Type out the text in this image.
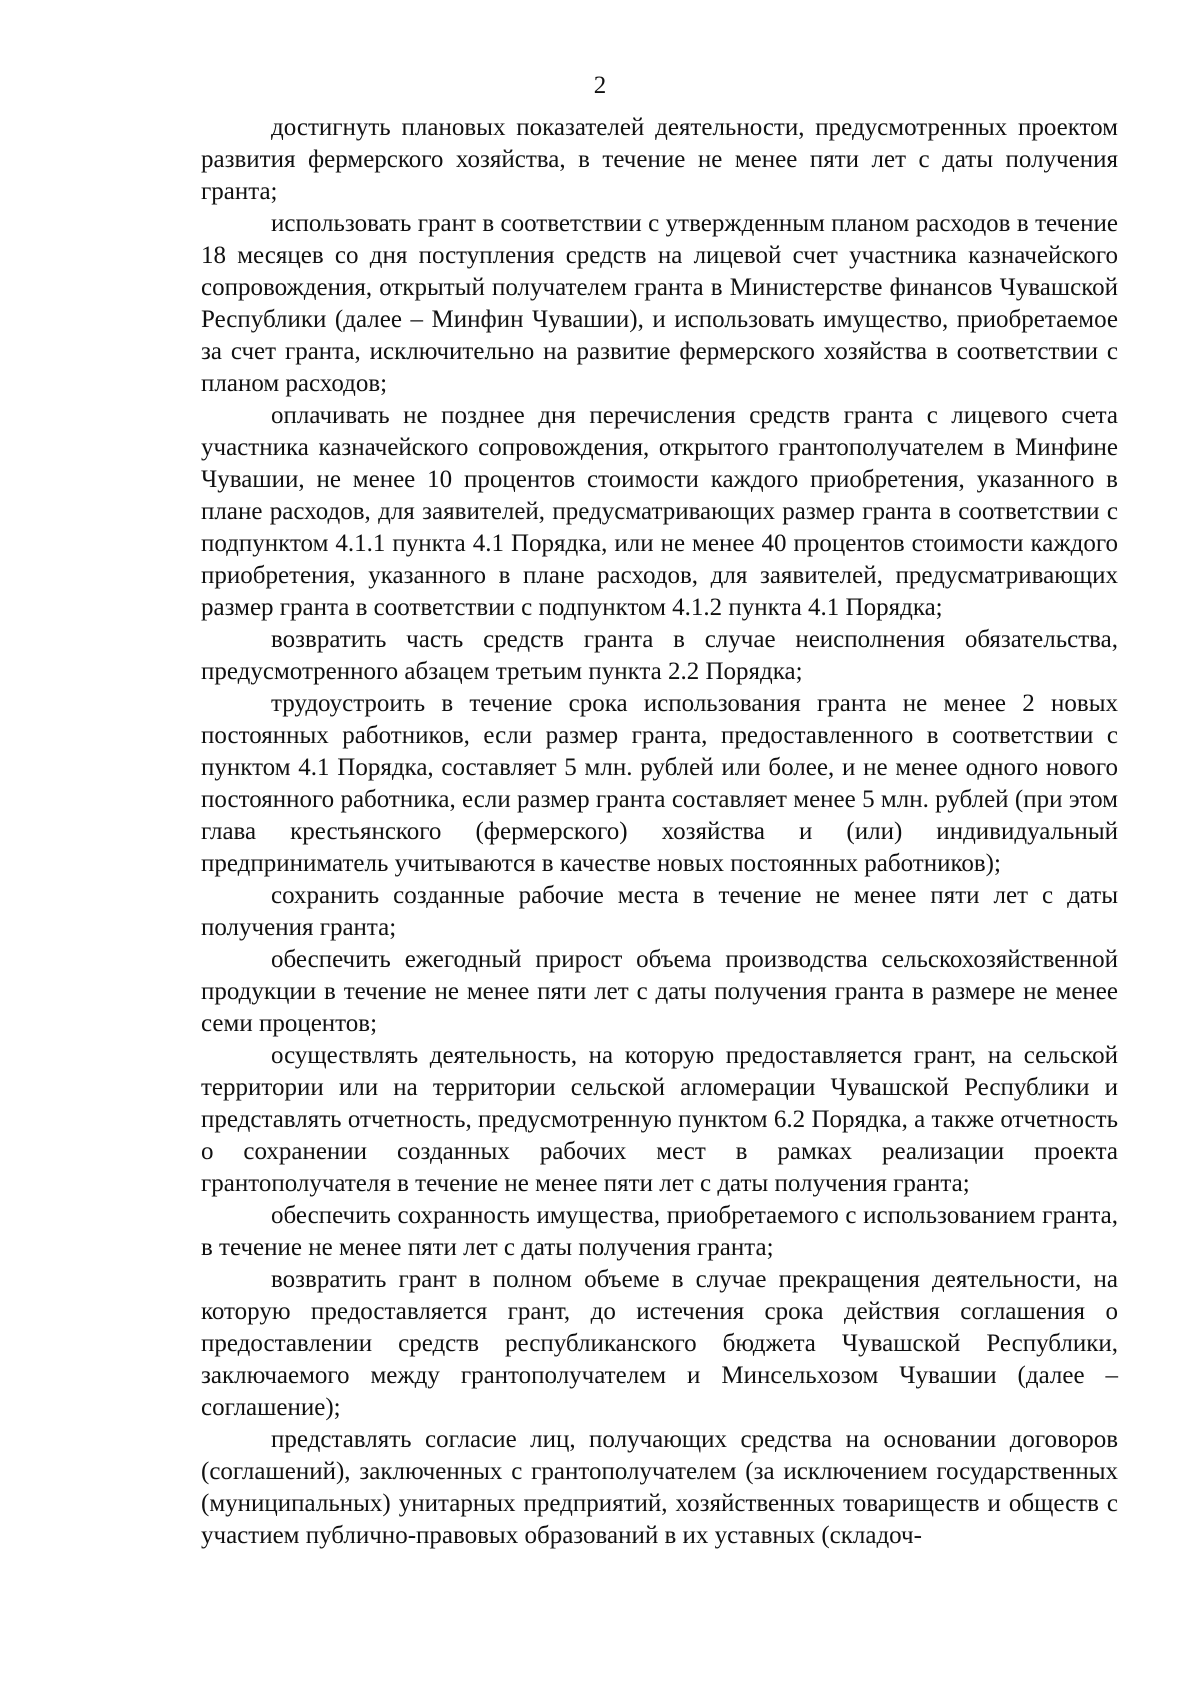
2

достигнуть плановых показателей деятельности, предусмотренных проектом развития фермерского хозяйства, в течение не менее пяти лет с даты получения гранта;

использовать грант в соответствии с утвержденным планом расходов в течение 18 месяцев со дня поступления средств на лицевой счет участника казначейского сопровождения, открытый получателем гранта в Министерстве финансов Чувашской Республики (далее – Минфин Чувашии), и использовать имущество, приобретаемое за счет гранта, исключительно на развитие фермерского хозяйства в соответствии с планом расходов;

оплачивать не позднее дня перечисления средств гранта с лицевого счета участника казначейского сопровождения, открытого грантополучателем в Минфине Чувашии, не менее 10 процентов стоимости каждого приобретения, указанного в плане расходов, для заявителей, предусматривающих размер гранта в соответствии с подпунктом 4.1.1 пункта 4.1 Порядка, или не менее 40 процентов стоимости каждого приобретения, указанного в плане расходов, для заявителей, предусматривающих размер гранта в соответствии с подпунктом 4.1.2 пункта 4.1 Порядка;

возвратить часть средств гранта в случае неисполнения обязательства, предусмотренного абзацем третьим пункта 2.2 Порядка;

трудоустроить в течение срока использования гранта не менее 2 новых постоянных работников, если размер гранта, предоставленного в соответствии с пунктом 4.1 Порядка, составляет 5 млн. рублей или более, и не менее одного нового постоянного работника, если размер гранта составляет менее 5 млн. рублей (при этом глава крестьянского (фермерского) хозяйства и (или) индивидуальный предприниматель учитываются в качестве новых постоянных работников);

сохранить созданные рабочие места в течение не менее пяти лет с даты получения гранта;

обеспечить ежегодный прирост объема производства сельскохозяйственной продукции в течение не менее пяти лет с даты получения гранта в размере не менее семи процентов;

осуществлять деятельность, на которую предоставляется грант, на сельской территории или на территории сельской агломерации Чувашской Республики и представлять отчетность, предусмотренную пунктом 6.2 Порядка, а также отчетность о сохранении созданных рабочих мест в рамках реализации проекта грантополучателя в течение не менее пяти лет с даты получения гранта;

обеспечить сохранность имущества, приобретаемого с использованием гранта, в течение не менее пяти лет с даты получения гранта;

возвратить грант в полном объеме в случае прекращения деятельности, на которую предоставляется грант, до истечения срока действия соглашения о предоставлении средств республиканского бюджета Чувашской Республики, заключаемого между грантополучателем и Минсельхозом Чувашии (далее – соглашение);

представлять согласие лиц, получающих средства на основании договоров (соглашений), заключенных с грантополучателем (за исключением государственных (муниципальных) унитарных предприятий, хозяйственных товариществ и обществ с участием публично-правовых образований в их уставных (складоч-
